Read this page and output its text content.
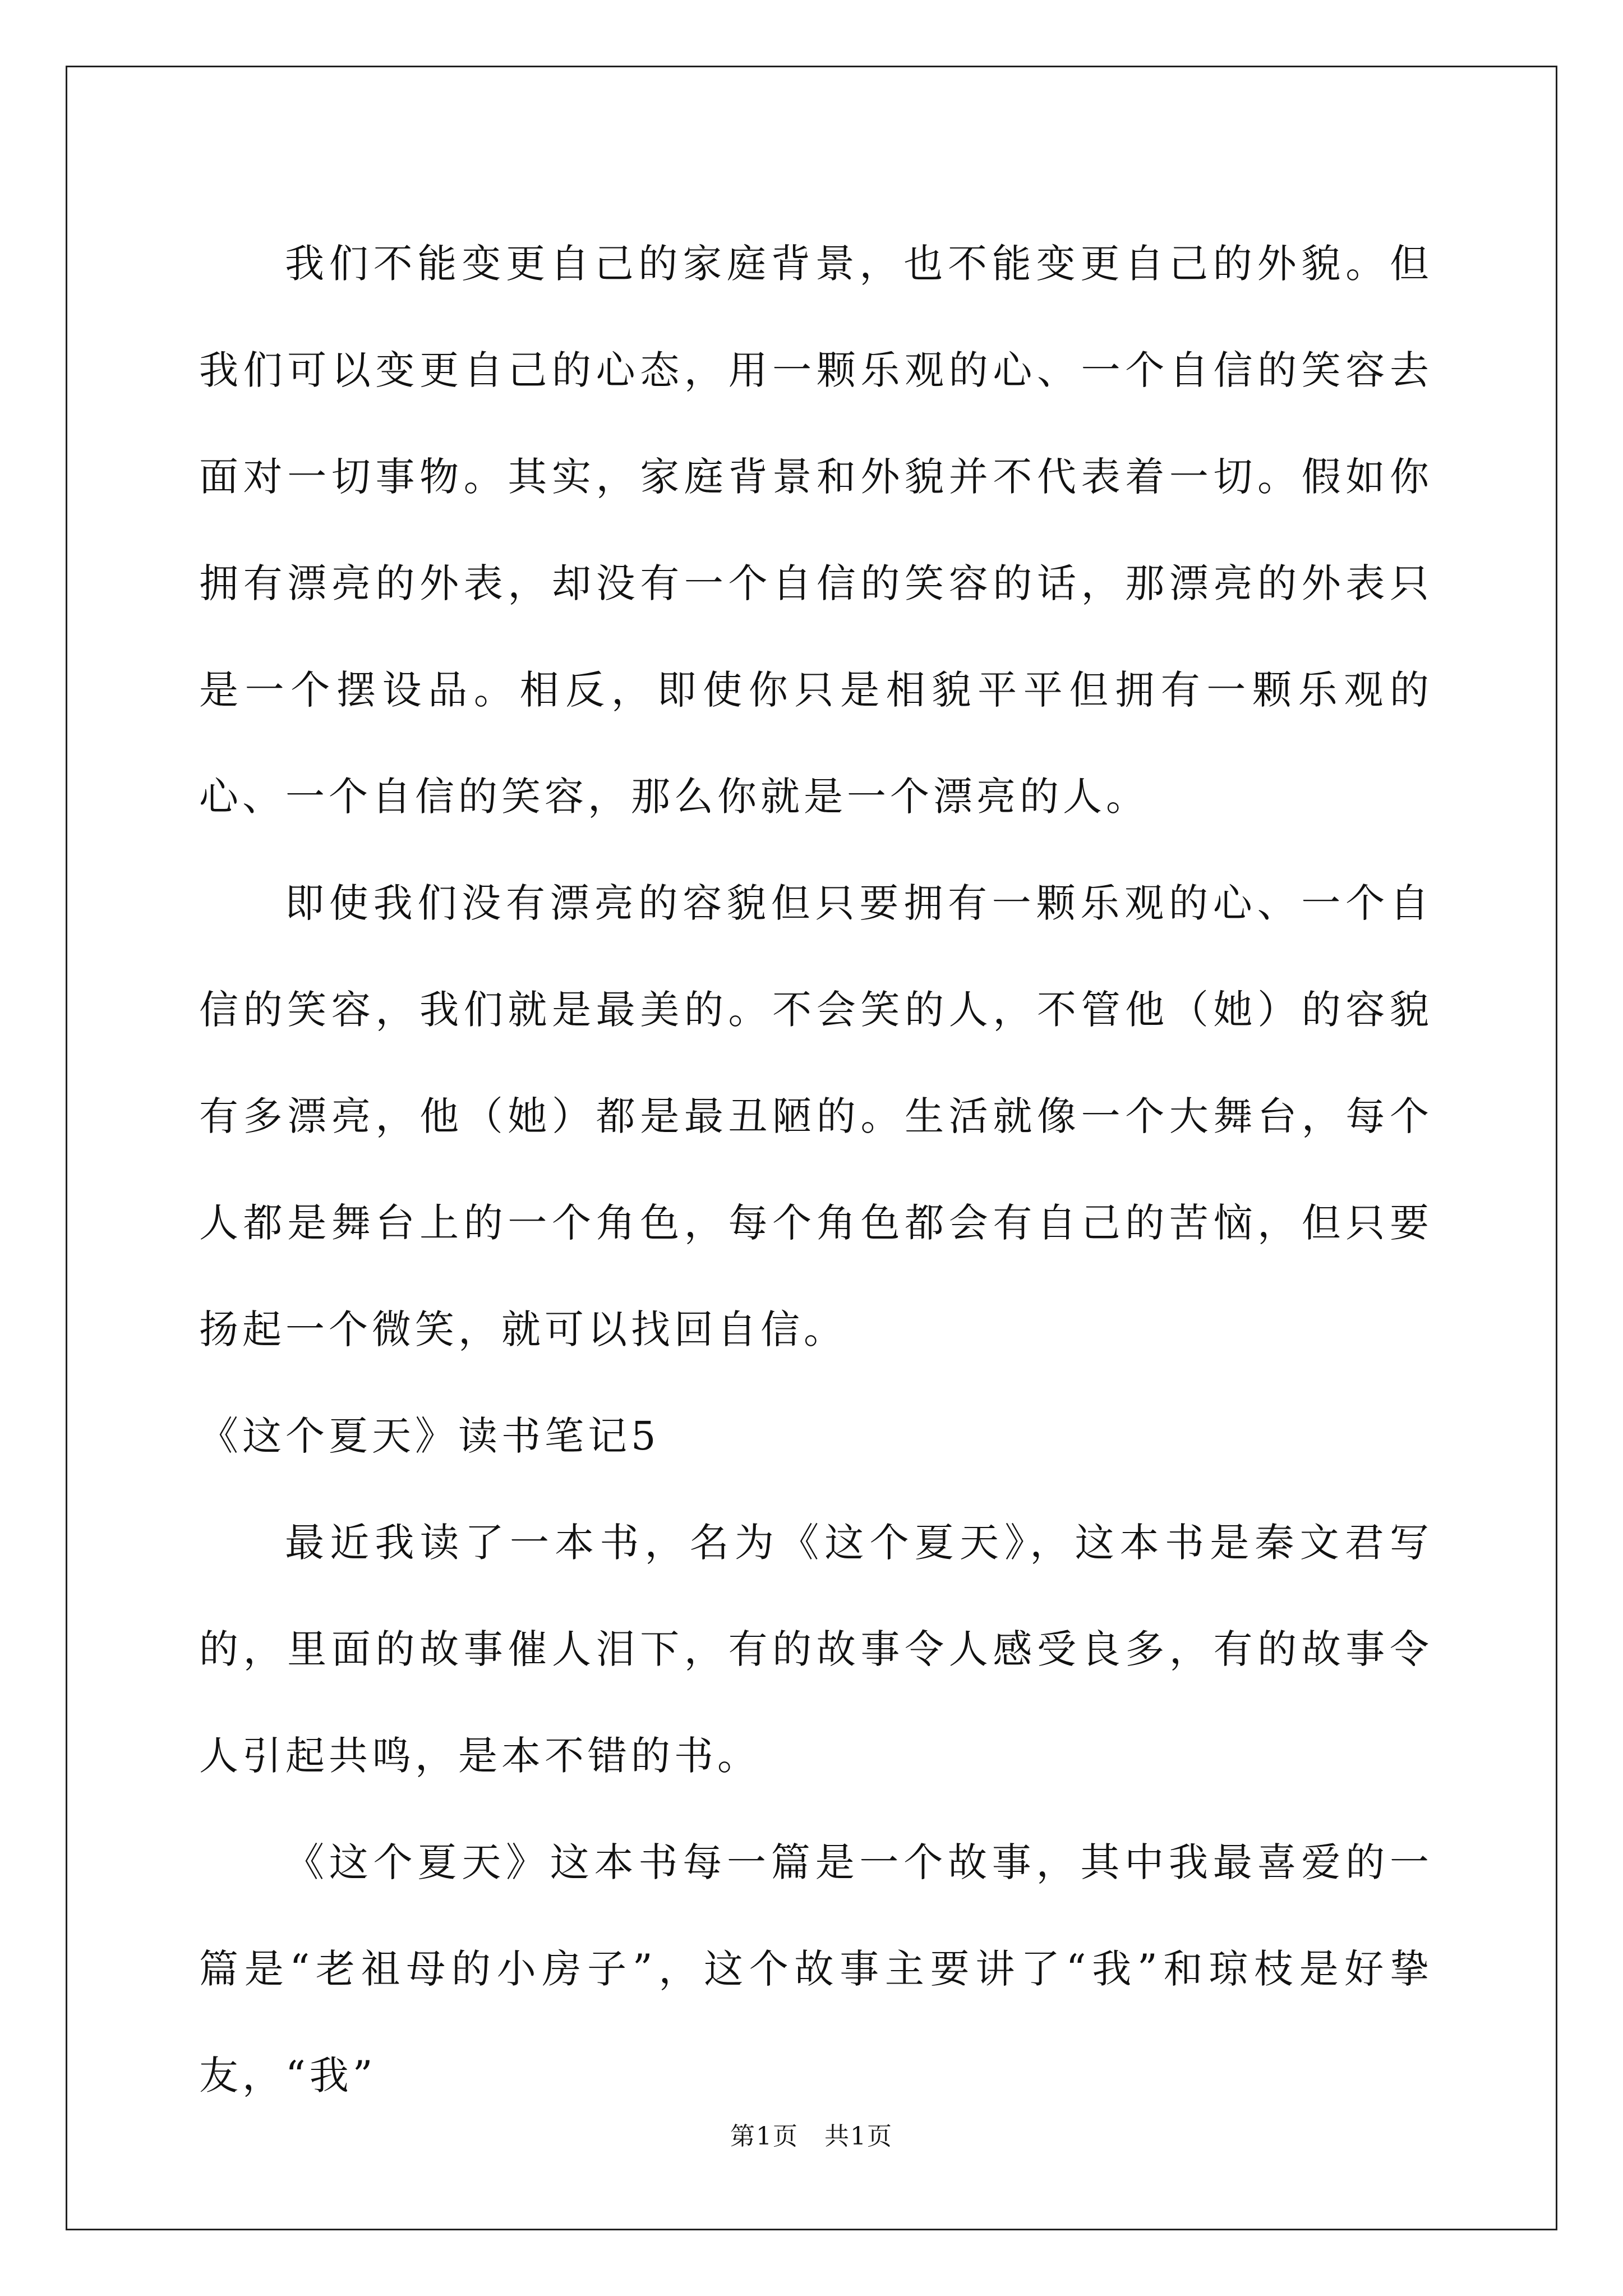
我们不能变更自己的家庭背景，也不能变更自己的外貌。但我们可以变更自己的心态，用一颗乐观的心、一个自信的笑容去面对一切事物。其实，家庭背景和外貌并不代表着一切。假如你拥有漂亮的外表，却没有一个自信的笑容的话，那漂亮的外表只是一个摆设品。相反，即使你只是相貌平平但拥有一颗乐观的心、一个自信的笑容，那么你就是一个漂亮的人。

即使我们没有漂亮的容貌但只要拥有一颗乐观的心、一个自信的笑容，我们就是最美的。不会笑的人，不管他（她）的容貌有多漂亮，他（她）都是最丑陋的。生活就像一个大舞台，每个人都是舞台上的一个角色，每个角色都会有自己的苦恼，但只要扬起一个微笑，就可以找回自信。

《这个夏天》读书笔记5

最近我读了一本书，名为《这个夏天》，这本书是秦文君写的，里面的故事催人泪下，有的故事令人感受良多，有的故事令人引起共鸣，是本不错的书。

《这个夏天》这本书每一篇是一个故事，其中我最喜爱的一篇是“老祖母的小房子”，这个故事主要讲了“我”和琼枝是好挚友，“我”

第1页　共1页
